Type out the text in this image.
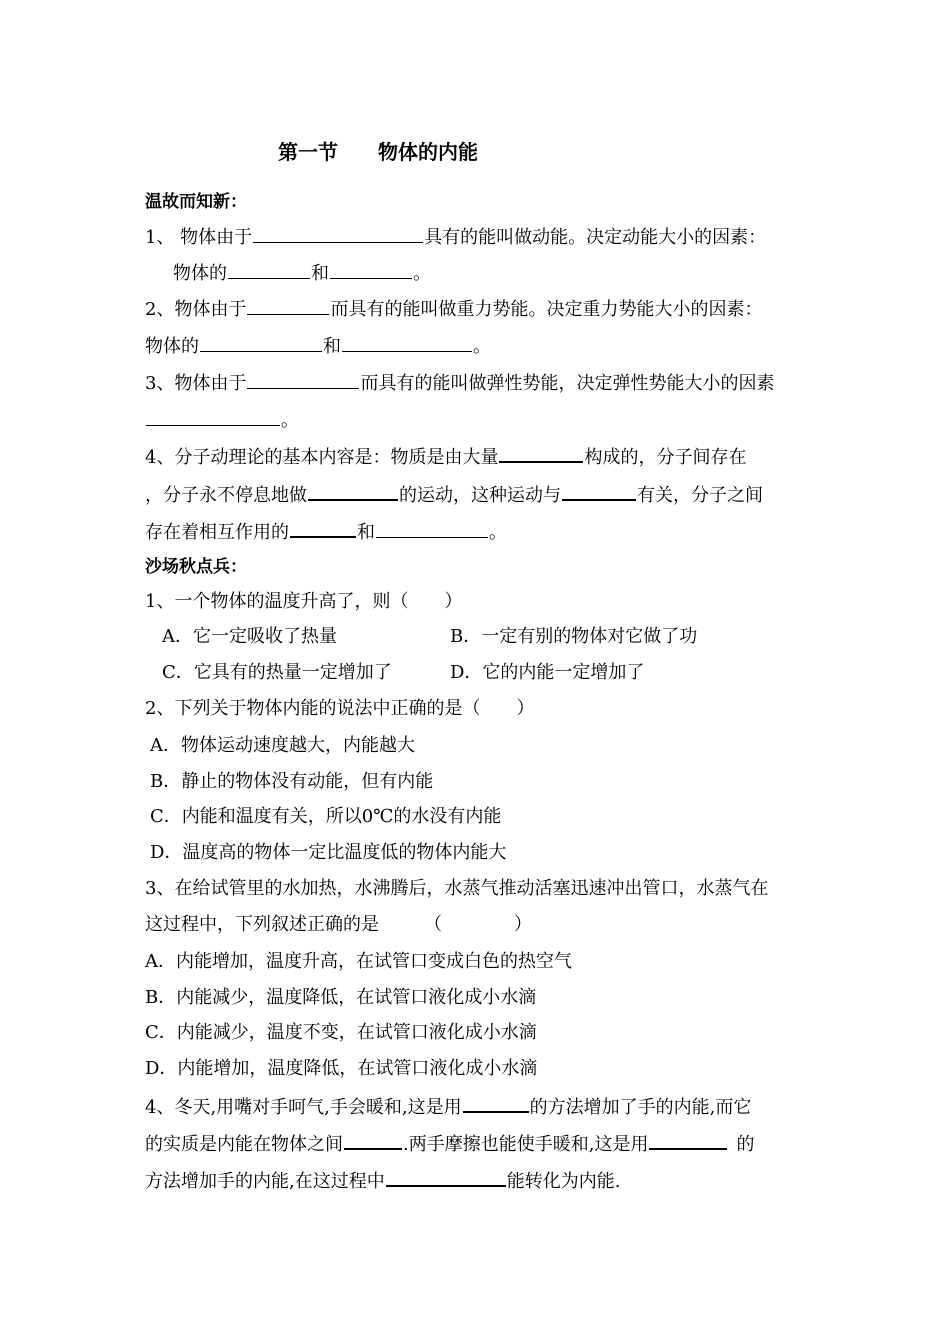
第一节　　物体的内能
温故而知新：
1、 物体由于	具有的能叫做动能。决定动能大小的因素：
物体的	和	。
2、物体由于	而具有的能叫做重力势能。决定重力势能大小的因素：
物体的	和	。
3、物体由于	而具有的能叫做弹性势能，决定弹性势能大小的因素
。
4、分子动理论的基本内容是：物质是由大量	构成的，分子间存在
，分子永不停息地做	的运动，这种运动与	有关，分子之间
存在着相互作用的	和	。
沙场秋点兵：
1、一个物体的温度升高了，则（　　）
A．它一定吸收了热量	B．一定有别的物体对它做了功
C．它具有的热量一定增加了	D．它的内能一定增加了
2、下列关于物体内能的说法中正确的是（　　）
A．物体运动速度越大，内能越大
B．静止的物体没有动能，但有内能
C．内能和温度有关，所以0℃的水没有内能
D．温度高的物体一定比温度低的物体内能大
3、在给试管里的水加热，水沸腾后，水蒸气推动活塞迅速冲出管口，水蒸气在
这过程中，下列叙述正确的是　　　（　　　　）
A．内能增加，温度升高，在试管口变成白色的热空气
B．内能减少，温度降低，在试管口液化成小水滴
C．内能减少，温度不变，在试管口液化成小水滴
D．内能增加，温度降低，在试管口液化成小水滴
4、冬天,用嘴对手呵气,手会暖和,这是用	的方法增加了手的内能,而它
的实质是内能在物体之间	.两手摩擦也能使手暖和,这是用	的
方法增加手的内能,在这过程中	能转化为内能.
